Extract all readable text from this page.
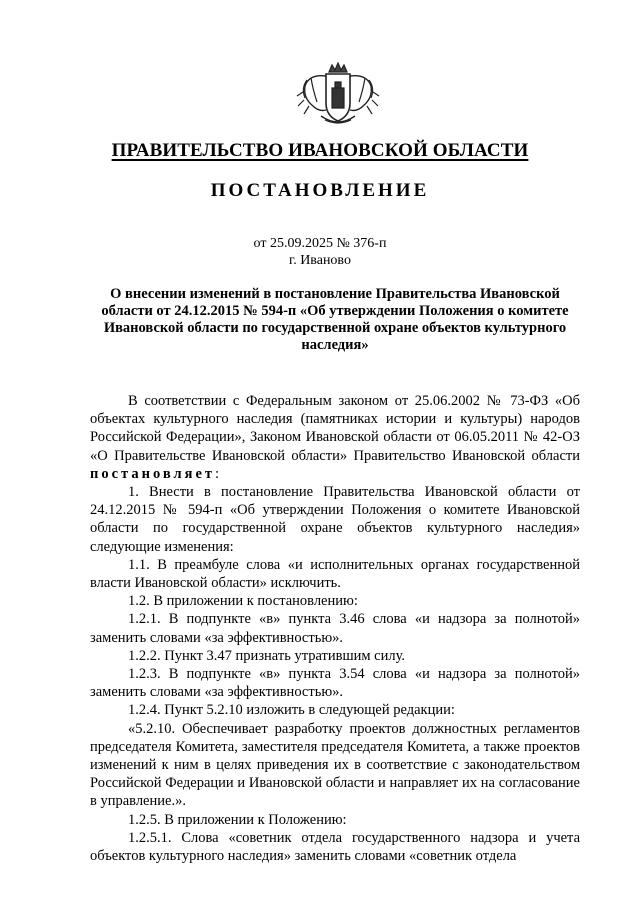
ПРАВИТЕЛЬСТВО ИВАНОВСКОЙ ОБЛАСТИ
ПОСТАНОВЛЕНИЕ
от 25.09.2025 № 376-п
г. Иваново
О внесении изменений в постановление Правительства Ивановской области от 24.12.2015 № 594-п «Об утверждении Положения о комитете Ивановской области по государственной охране объектов культурного наследия»

В соответствии с Федеральным законом от 25.06.2002 № 73-ФЗ «Об объектах культурного наследия (памятниках истории и культуры) народов Российской Федерации», Законом Ивановской области от 06.05.2011 № 42-ОЗ «О Правительстве Ивановской области» Правительство Ивановской области постановляет:

1. Внести в постановление Правительства Ивановской области от 24.12.2015 № 594-п «Об утверждении Положения о комитете Ивановской области по государственной охране объектов культурного наследия» следующие изменения:

1.1. В преамбуле слова «и исполнительных органах государственной власти Ивановской области» исключить.

1.2. В приложении к постановлению:

1.2.1. В подпункте «в» пункта 3.46 слова «и надзора за полнотой» заменить словами «за эффективностью».

1.2.2. Пункт 3.47 признать утратившим силу.

1.2.3. В подпункте «в» пункта 3.54 слова «и надзора за полнотой» заменить словами «за эффективностью».

1.2.4. Пункт 5.2.10 изложить в следующей редакции:

«5.2.10. Обеспечивает разработку проектов должностных регламентов председателя Комитета, заместителя председателя Комитета, а также проектов изменений к ним в целях приведения их в соответствие с законодательством Российской Федерации и Ивановской области и направляет их на согласование в управление.».

1.2.5. В приложении к Положению:

1.2.5.1. Слова «советник отдела государственного надзора и учета объектов культурного наследия» заменить словами «советник отдела
